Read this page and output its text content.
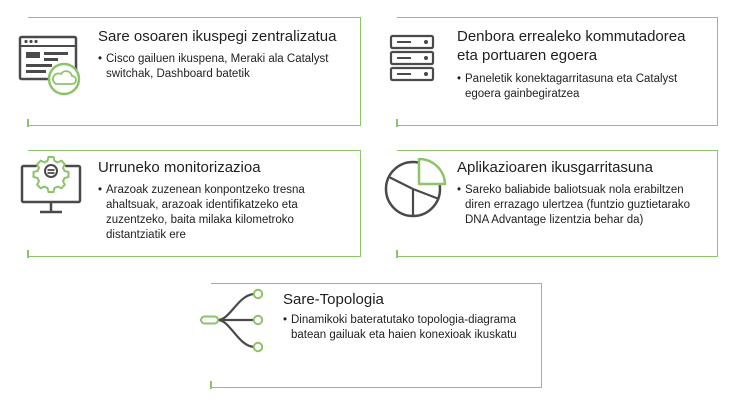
Sare osoaren ikuspegi zentralizatua
• Cisco gailuen ikuspena, Meraki ala Catalyst switchak, Dashboard batetik
Denbora errealeko kommutadorea
eta portuaren egoera
• Paneletik konektagarritasuna eta Catalyst egoera gainbegiratzea
Urruneko monitorizazioa
• Arazoak zuzenean konpontzeko tresna ahaltsuak, arazoak identifikatzeko eta zuzentzeko, baita milaka kilometroko distantziatik ere
Aplikazioaren ikusgarritasuna
• Sareko baliabide baliotsuak nola erabiltzen diren errazago ulertzea (funtzio guztietarako DNA Advantage lizentzia behar da)
Sare-Topologia
• Dinamikoki bateratutako topologia-diagrama batean gailuak eta haien konexioak ikuskatu
